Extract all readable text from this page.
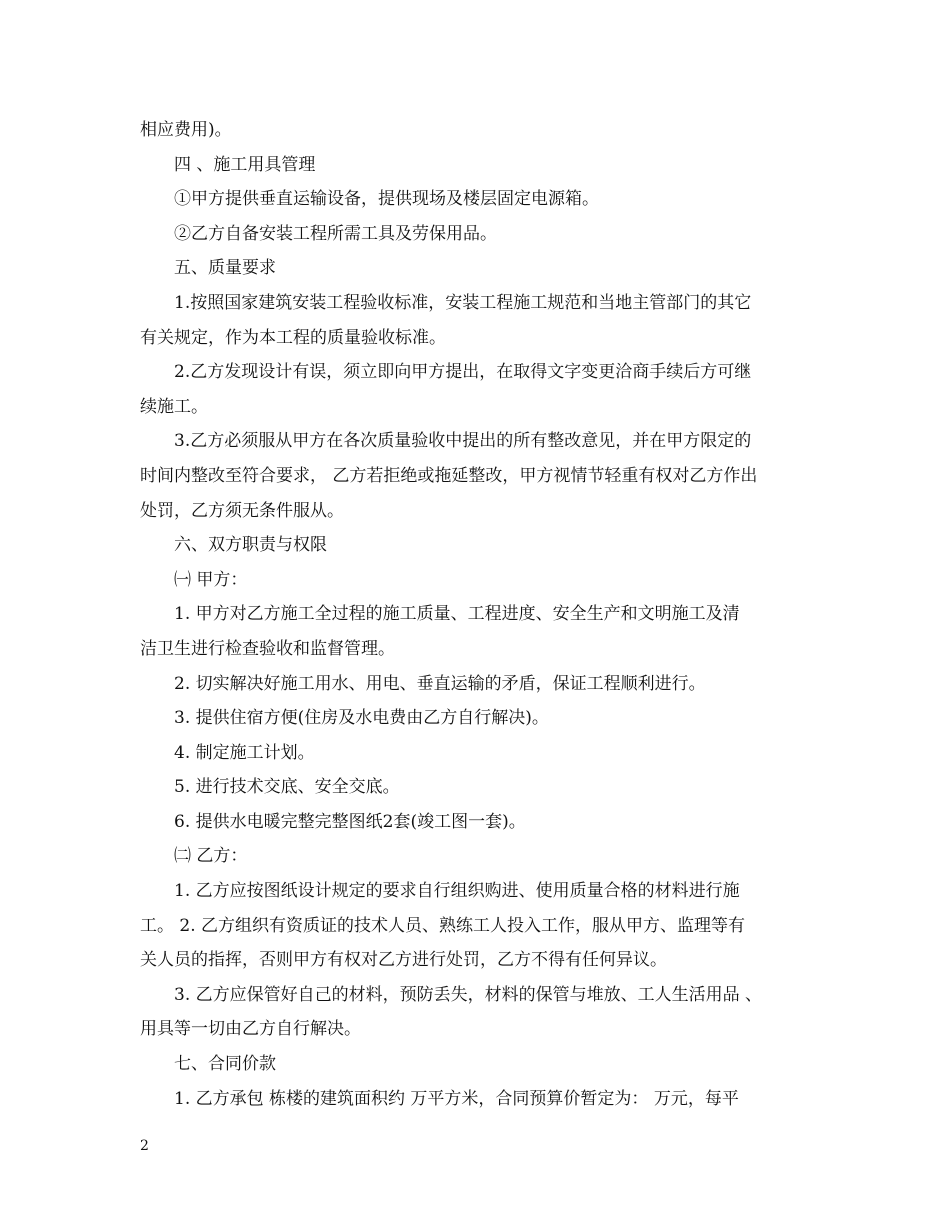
相应费用)。
四 、施工用具管理
①甲方提供垂直运输设备，提供现场及楼层固定电源箱。
②乙方自备安装工程所需工具及劳保用品。
五、质量要求
1.按照国家建筑安装工程验收标准，安装工程施工规范和当地主管部门的其它
有关规定，作为本工程的质量验收标准。
2.乙方发现设计有误，须立即向甲方提出，在取得文字变更洽商手续后方可继
续施工。
3.乙方必须服从甲方在各次质量验收中提出的所有整改意见，并在甲方限定的
时间内整改至符合要求， 乙方若拒绝或拖延整改，甲方视情节轻重有权对乙方作出
处罚，乙方须无条件服从。
六、双方职责与权限
㈠ 甲方：
1. 甲方对乙方施工全过程的施工质量、工程进度、安全生产和文明施工及清
洁卫生进行检查验收和监督管理。
2. 切实解决好施工用水、用电、垂直运输的矛盾，保证工程顺利进行。
3. 提供住宿方便(住房及水电费由乙方自行解决)。
4. 制定施工计划。
5. 进行技术交底、安全交底。
6. 提供水电暖完整完整图纸2套(竣工图一套)。
㈡ 乙方：
1. 乙方应按图纸设计规定的要求自行组织购进、使用质量合格的材料进行施
工。 2. 乙方组织有资质证的技术人员、熟练工人投入工作，服从甲方、监理等有
关人员的指挥，否则甲方有权对乙方进行处罚，乙方不得有任何异议。
3. 乙方应保管好自己的材料，预防丢失，材料的保管与堆放、工人生活用品 、
用具等一切由乙方自行解决。
七、合同价款
1. 乙方承包 栋楼的建筑面积约 万平方米，合同预算价暂定为： 万元，每平
2
